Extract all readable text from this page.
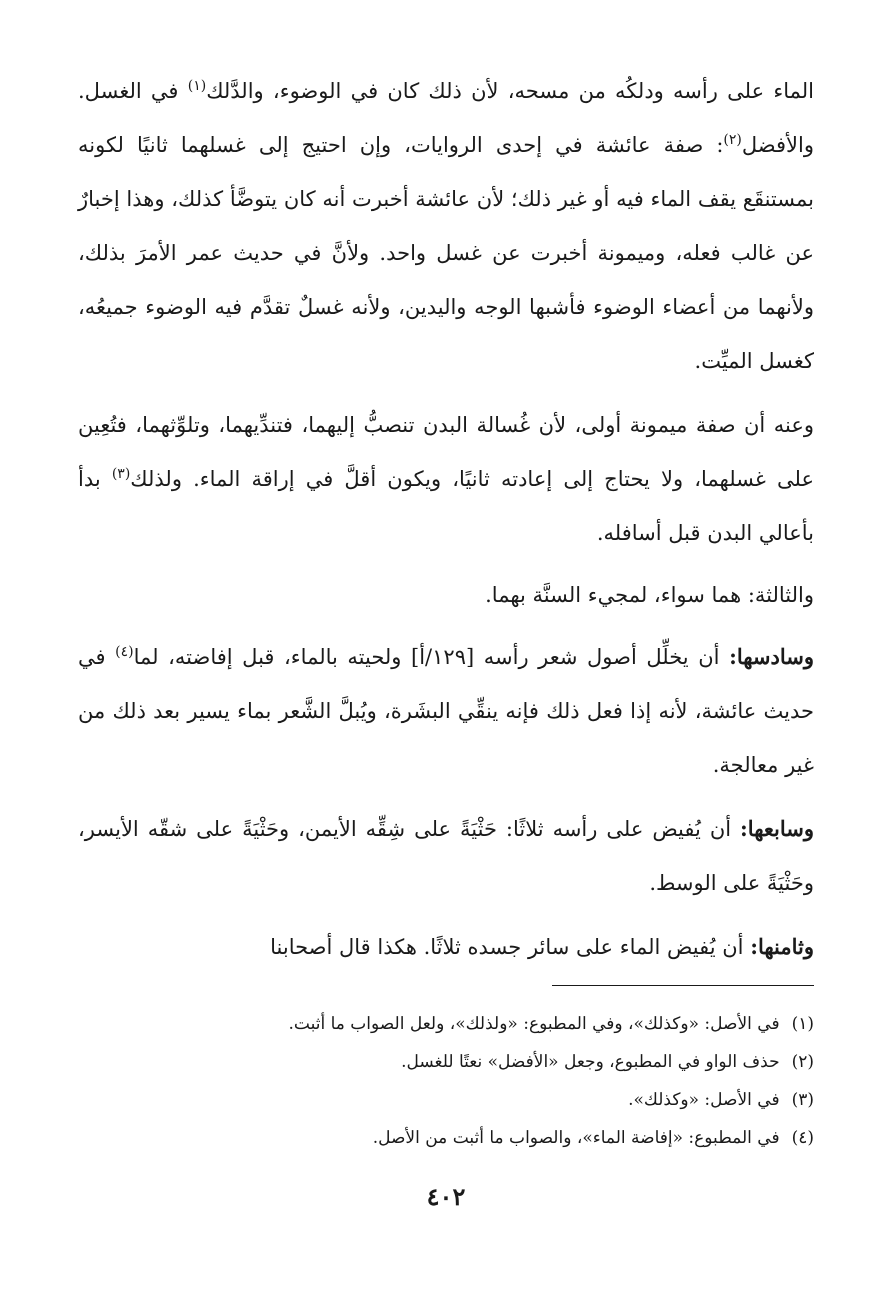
الماء على رأسه ودلكُه من مسحه، لأن ذلك كان في الوضوء، والدَّلك$^{(١)}$ في الغسل. والأفضل$^{(٢)}$: صفة عائشة في إحدى الروايات، وإن احتيج إلى غسلهما ثانيًا لكونه بمستنقَع يقف الماء فيه أو غير ذلك؛ لأن عائشة أخبرت أنه كان يتوضَّأ كذلك، وهذا إخبارٌ عن غالب فعله، وميمونة أخبرت عن غسل واحد. ولأنَّ في حديث عمر الأمرَ بذلك، ولأنهما من أعضاء الوضوء فأشبها الوجه واليدين، ولأنه غسلٌ تقدَّم فيه الوضوء جميعُه، كغسل الميِّت.

وعنه أن صفة ميمونة أولى، لأن غُسالة البدن تنصبُّ إليهما، فتندِّيهما، وتلوِّثهما، فتُعِين على غسلهما، ولا يحتاج إلى إعادته ثانيًا، ويكون أقلَّ في إراقة الماء. ولذلك$^{(٣)}$ بدأ بأعالي البدن قبل أسافله.

والثالثة: هما سواء، لمجيء السنَّة بهما.

وسادسها: أن يخلِّل أصول شعر رأسه [١٢٩/أ] ولحيته بالماء، قبل إفاضته، لما$^{(٤)}$ في حديث عائشة، لأنه إذا فعل ذلك فإنه ينقِّي البشَرة، ويُبلَّ الشَّعر بماء يسير بعد ذلك من غير معالجة.

وسابعها: أن يُفيض على رأسه ثلاثًا: حَثْيَةً على شِقِّه الأيمن، وحَثْيَةً على شقّه الأيسر، وحَثْيَةً على الوسط.

وثامنها: أن يُفيض الماء على سائر جسده ثلاثًا. هكذا قال أصحابنا

(١)
في الأصل: «وكذلك»، وفي المطبوع: «ولذلك»، ولعل الصواب ما أثبت.
(٢)
حذف الواو في المطبوع، وجعل «الأفضل» نعتًا للغسل.
(٣)
في الأصل: «وكذلك».
(٤)
في المطبوع: «إفاضة الماء»، والصواب ما أثبت من الأصل.
٤٠٢
